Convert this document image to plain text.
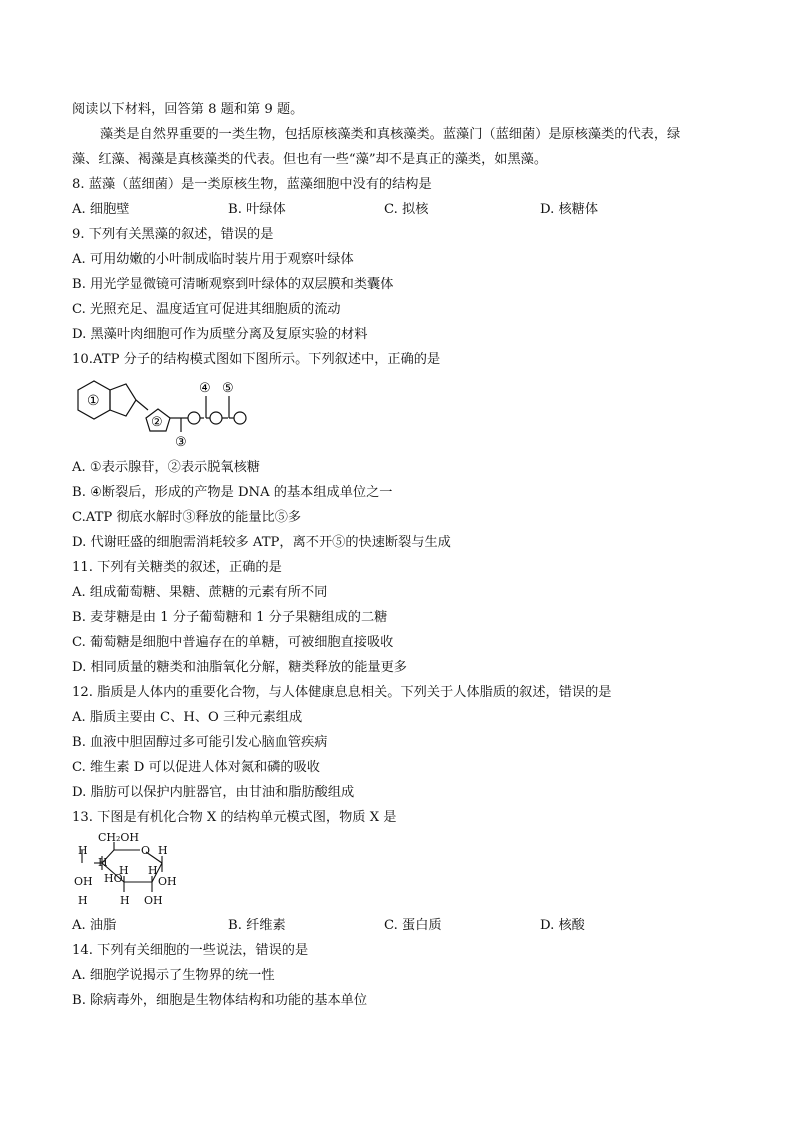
阅读以下材料，回答第 8 题和第 9 题。
藻类是自然界重要的一类生物，包括原核藻类和真核藻类。蓝藻门（蓝细菌）是原核藻类的代表，绿
藻、红藻、褐藻是真核藻类的代表。但也有一些“藻”却不是真正的藻类，如黑藻。
8. 蓝藻（蓝细菌）是一类原核生物，蓝藻细胞中没有的结构是
A. 细胞壁	B. 叶绿体	C. 拟核	D. 核糖体
9. 下列有关黑藻的叙述，错误的是
A. 可用幼嫩的小叶制成临时装片用于观察叶绿体
B. 用光学显微镜可清晰观察到叶绿体的双层膜和类囊体
C. 光照充足、温度适宜可促进其细胞质的流动
D. 黑藻叶肉细胞可作为质壁分离及复原实验的材料
10.ATP 分子的结构模式图如下图所示。下列叙述中，正确的是
①
②
③
④ ⑤
A. ①表示腺苷，②表示脱氧核糖
B. ④断裂后，形成的产物是 DNA 的基本组成单位之一
C.ATP 彻底水解时③释放的能量比⑤多
D. 代谢旺盛的细胞需消耗较多 ATP，离不开⑤的快速断裂与生成
11. 下列有关糖类的叙述，正确的是
A. 组成葡萄糖、果糖、蔗糖的元素有所不同
B. 麦芽糖是由 1 分子葡萄糖和 1 分子果糖组成的二糖
C. 葡萄糖是细胞中普遍存在的单糖，可被细胞直接吸收
D. 相同质量的糖类和油脂氧化分解，糖类释放的能量更多
12. 脂质是人体内的重要化合物，与人体健康息息相关。下列关于人体脂质的叙述，错误的是
A. 脂质主要由 C、H、O 三种元素组成
B. 血液中胆固醇过多可能引发心脑血管疾病
C. 维生素 D 可以促进人体对氮和磷的吸收
D. 脂肪可以保护内脏器官，由甘油和脂肪酸组成
13. 下图是有机化合物 X 的结构单元模式图，物质 X 是
CH₂OH
O
H
H
H
OH HO
H H
OH
H	H OH
A. 油脂	B. 纤维素	C. 蛋白质	D. 核酸
14. 下列有关细胞的一些说法，错误的是
A. 细胞学说揭示了生物界的统一性
B. 除病毒外，细胞是生物体结构和功能的基本单位
